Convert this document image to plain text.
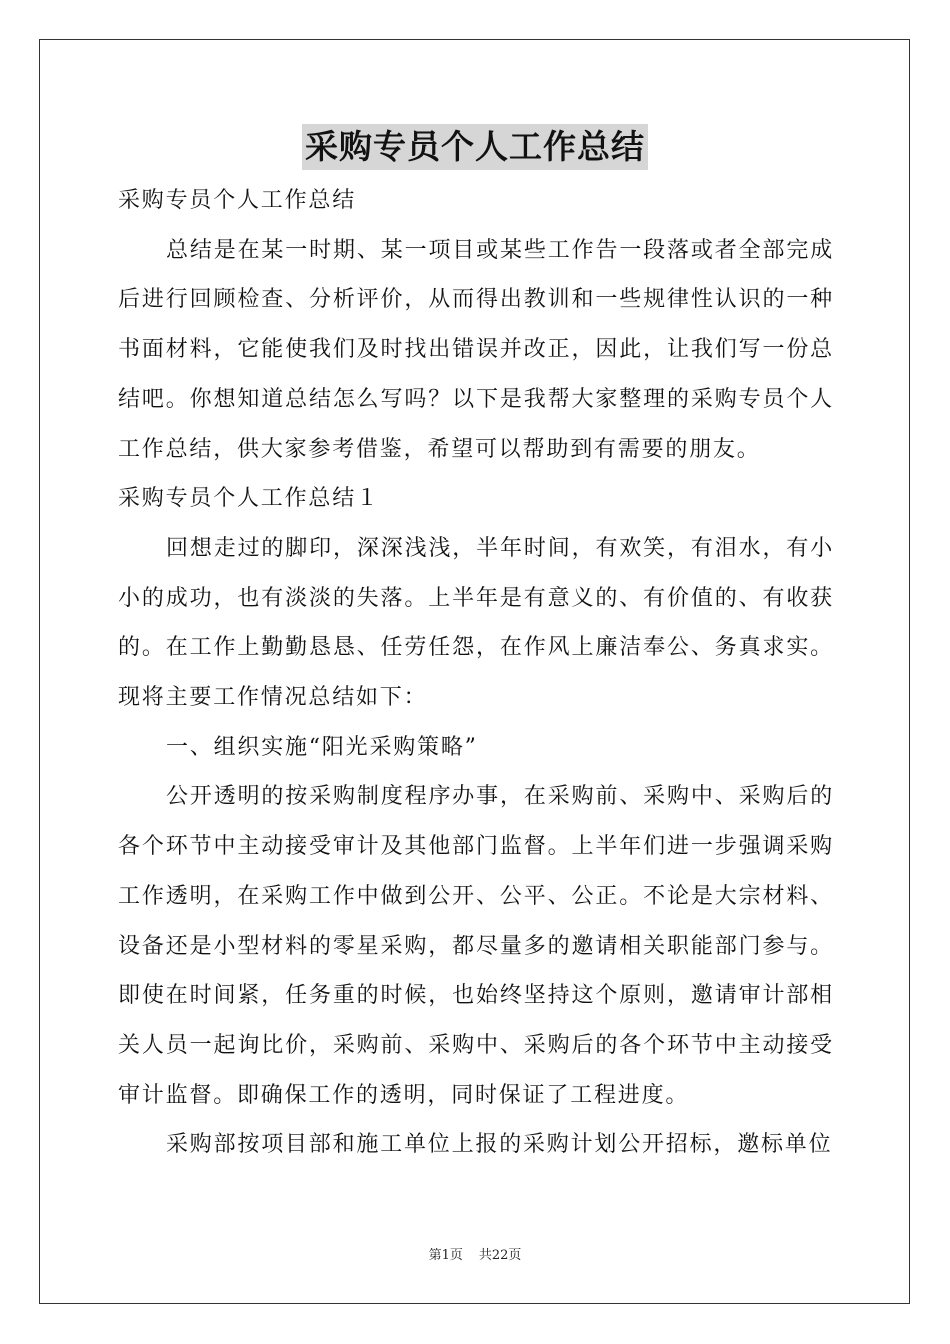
采购专员个人工作总结

采购专员个人工作总结

总结是在某一时期、某一项目或某些工作告一段落或者全部完成后进行回顾检查、分析评价，从而得出教训和一些规律性认识的一种书面材料，它能使我们及时找出错误并改正，因此，让我们写一份总结吧。你想知道总结怎么写吗？以下是我帮大家整理的采购专员个人工作总结，供大家参考借鉴，希望可以帮助到有需要的朋友。

采购专员个人工作总结１

回想走过的脚印，深深浅浅，半年时间，有欢笑，有泪水，有小小的成功，也有淡淡的失落。上半年是有意义的、有价值的、有收获的。在工作上勤勤恳恳、任劳任怨，在作风上廉洁奉公、务真求实。现将主要工作情况总结如下：

一、组织实施“阳光采购策略”

公开透明的按采购制度程序办事，在采购前、采购中、采购后的各个环节中主动接受审计及其他部门监督。上半年们进一步强调采购工作透明，在采购工作中做到公开、公平、公正。不论是大宗材料、设备还是小型材料的零星采购，都尽量多的邀请相关职能部门参与。即使在时间紧，任务重的时候，也始终坚持这个原则，邀请审计部相关人员一起询比价，采购前、采购中、采购后的各个环节中主动接受审计监督。即确保工作的透明，同时保证了工程进度。

采购部按项目部和施工单位上报的采购计划公开招标，邀标单位

第1页 共22页
